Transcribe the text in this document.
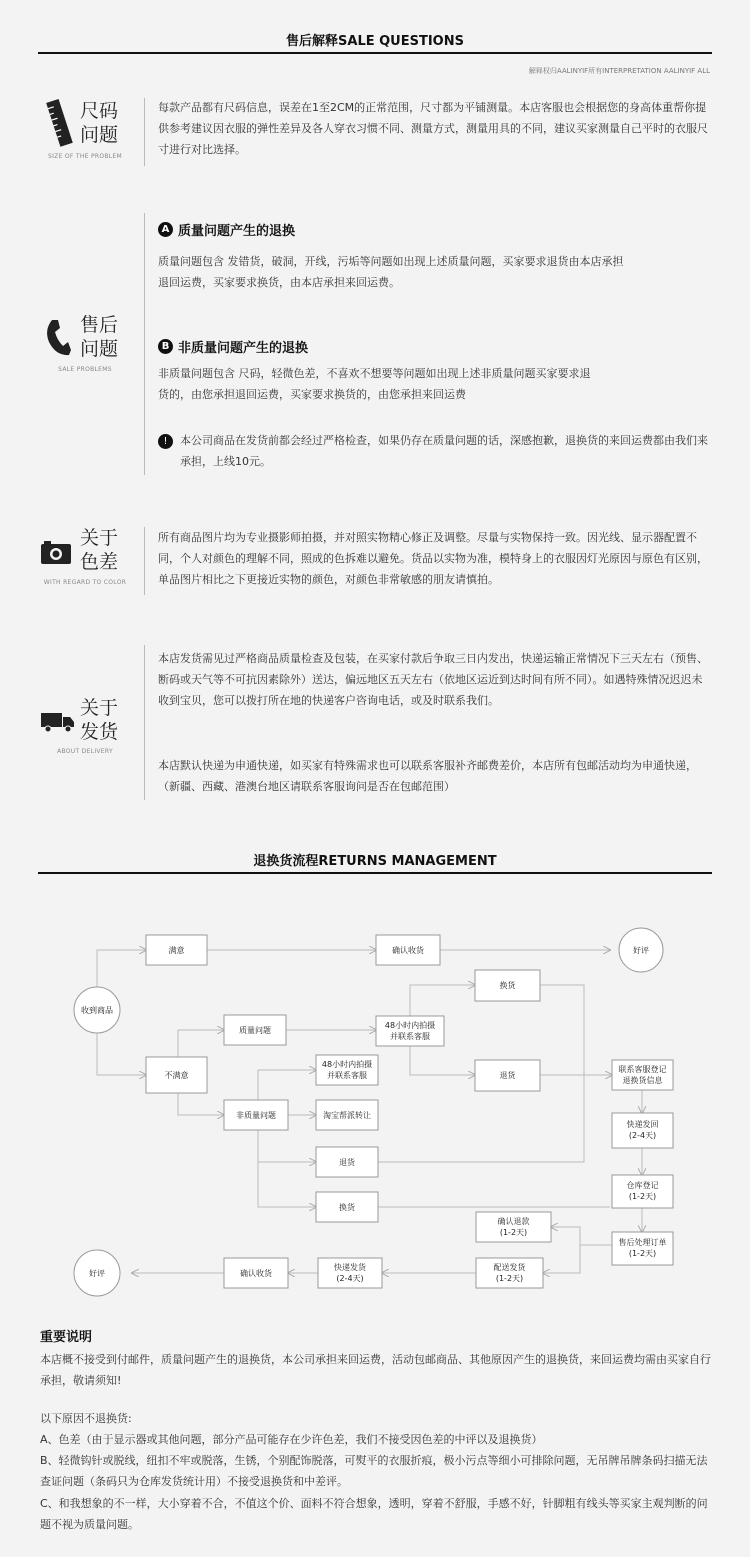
售后解释SALE QUESTIONS
解释权归AALINYIF所有INTERPRETATION AALINYIF ALL
尺码
问题
SIZE OF THE PROBLEM
每款产品都有尺码信息，误差在1至2CM的正常范围，尺寸都为平铺测量。本店客服也会根据您的身高体重帮你提供参考建议因衣服的弹性差异及各人穿衣习惯不同、测量方式，测量用具的不同，建议买家测量自己平时的衣服尺寸进行对比选择。
售后
问题
SALE PROBLEMS
A 质量问题产生的退换
质量问题包含 发错货，破洞，开线，污垢等问题如出现上述质量问题，买家要求退货由本店承担退回运费，买家要求换货，由本店承担来回运费。
B 非质量问题产生的退换
非质量问题包含 尺码，轻微色差，不喜欢不想要等问题如出现上述非质量问题买家要求退货的，由您承担退回运费，买家要求换货的，由您承担来回运费
!	本公司商品在发货前都会经过严格检查，如果仍存在质量问题的话，深感抱歉，退换货的来回运费都由我们来承担，上线10元。
关于
色差
WITH REGARD TO COLOR
所有商品图片均为专业摄影师拍摄，并对照实物精心修正及调整。尽量与实物保持一致。因光线、显示器配置不同，个人对颜色的理解不同，照成的色拆难以避免。货品以实物为准，模特身上的衣服因灯光原因与原色有区别，单品图片相比之下更接近实物的颜色，对颜色非常敏感的朋友请慎拍。
关于
发货
ABOUT DELIVERY
本店发货需见过严格商品质量检查及包装，在买家付款后争取三日内发出，快递运输正常情况下三天左右（预售、断码或天气等不可抗因素除外）送达，偏远地区五天左右（依地区运近到达时间有所不同）。如遇特殊情况迟迟未收到宝贝，您可以拨打所在地的快递客户咨询电话，或及时联系我们。
本店默认快递为申通快递，如买家有特殊需求也可以联系客服补齐邮费差价，本店所有包邮活动均为申通快递，（新疆、西藏、港澳台地区请联系客服询问是否在包邮范围）
退换货流程RETURNS MANAGEMENT
收到商品
满意	确认收货	好评
不满意
质量问题
非质量问题
48小时内拍摄
并联系客服
换货
退货
48小时内拍摄
并联系客服
淘宝帮派转让
退货
换货
联系客服登记
退换货信息
快递发回
(2-4天)
仓库登记
(1-2天)
售后处理订单
(1-2天)
确认退款
(1-2天)
配送发货
(1-2天)
快递发货
(2-4天)
确认收货
好评
重要说明
本店概不接受到付邮件，质量问题产生的退换货，本公司承担来回运费，活动包邮商品、其他原因产生的退换货，来回运费均需由买家自行承担，敬请须知!
以下原因不退换货:
A、色差（由于显示器或其他问题，部分产品可能存在少许色差，我们不接受因色差的中评以及退换货）
B、轻微钩针或脱线，纽扣不牢或脱落，生锈，个别配饰脱落，可熨平的衣服折痕，极小污点等细小可排除问题，无吊牌吊牌条码扫描无法查证问题（条码只为仓库发货统计用）不接受退换货和中差评。
C、和我想象的不一样，大小穿着不合，不值这个价、面料不符合想象，透明，穿着不舒服，手感不好，针脚粗有线头等买家主观判断的问题不视为质量问题。
